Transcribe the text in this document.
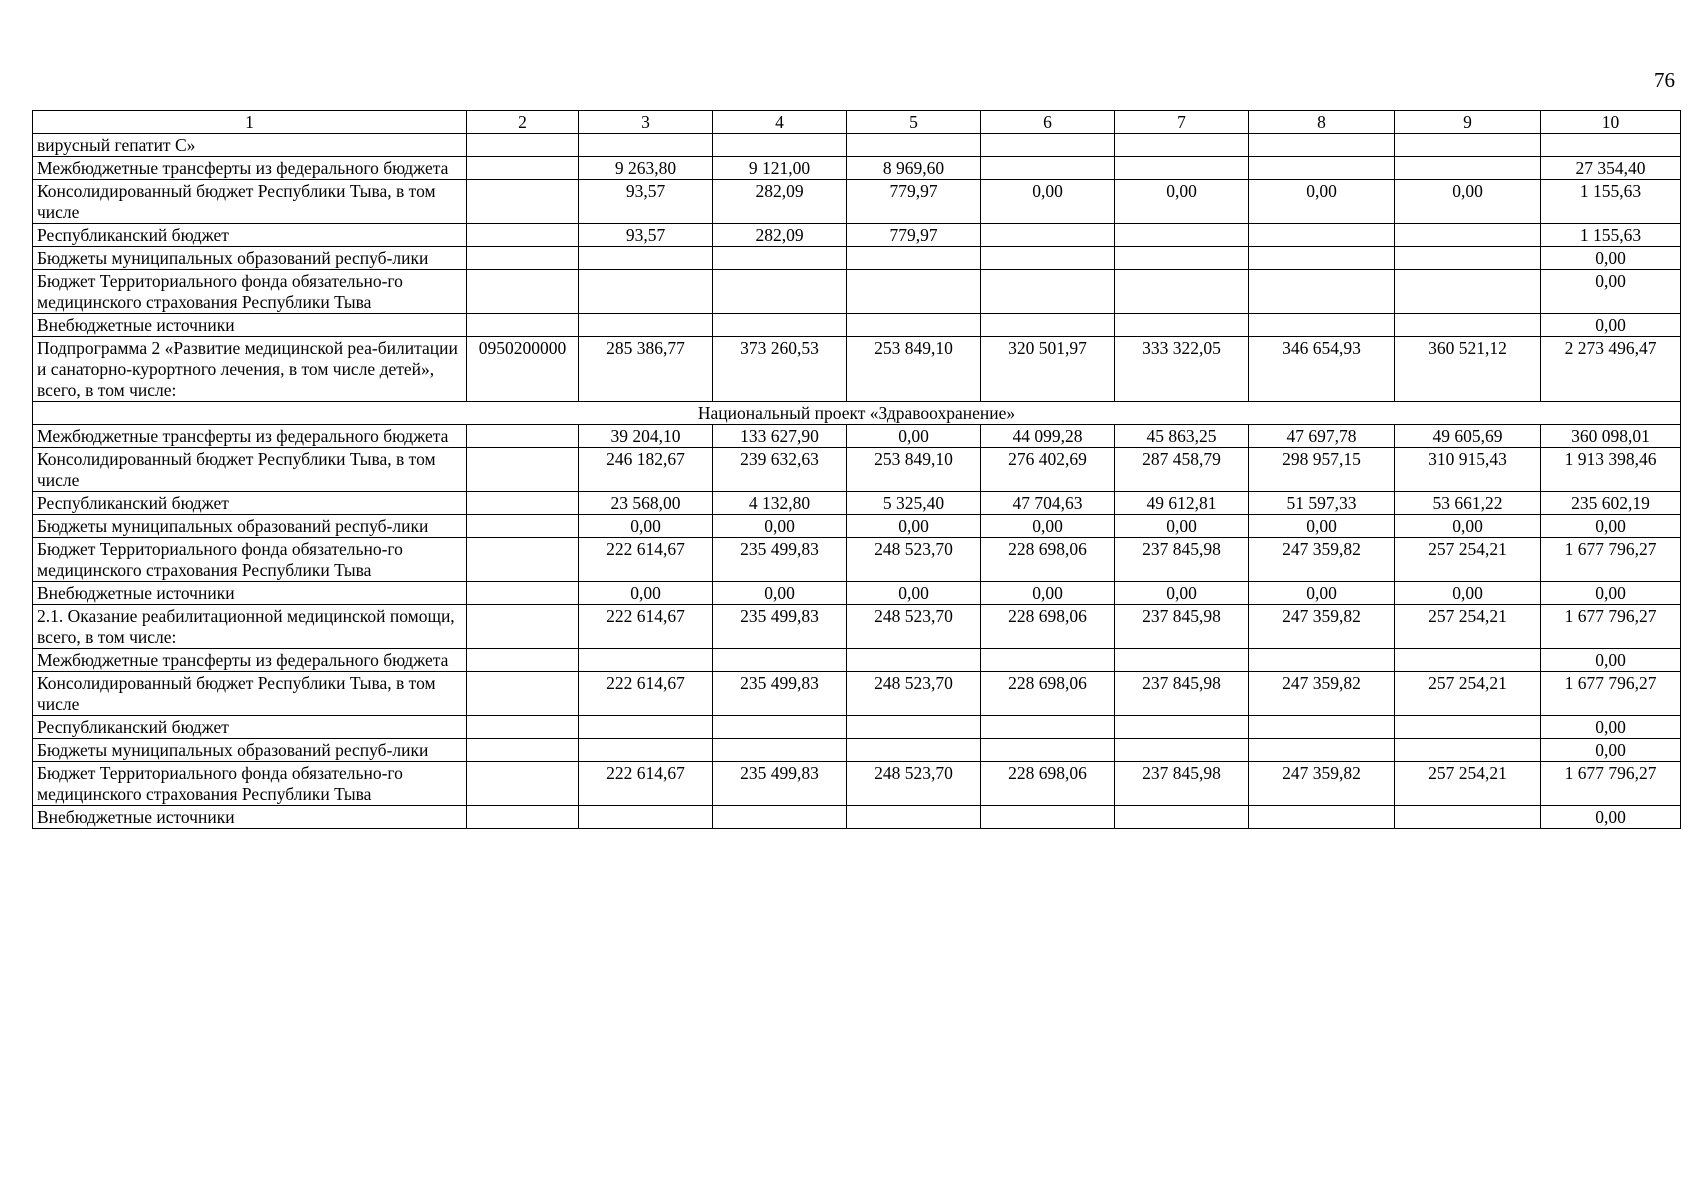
76
1	2	3	4	5	6	7	8	9	10
вирусный гепатит С»									
Межбюджетные трансферты из федерального бюджета		9 263,80	9 121,00	8 969,60					27 354,40
Консолидированный бюджет Республики Тыва, в том числе		93,57	282,09	779,97	0,00	0,00	0,00	0,00	1 155,63
Республиканский бюджет		93,57	282,09	779,97					1 155,63
Бюджеты муниципальных образований респуб-лики									0,00
Бюджет Территориального фонда обязательно-го медицинского страхования Республики Тыва									0,00
Внебюджетные источники									0,00
Подпрограмма 2 «Развитие медицинской реа-билитации и санаторно-курортного лечения, в том числе детей», всего, в том числе:	0950200000	285 386,77	373 260,53	253 849,10	320 501,97	333 322,05	346 654,93	360 521,12	2 273 496,47
Национальный проект «Здравоохранение»									
Межбюджетные трансферты из федерального бюджета		39 204,10	133 627,90	0,00	44 099,28	45 863,25	47 697,78	49 605,69	360 098,01
Консолидированный бюджет Республики Тыва, в том числе		246 182,67	239 632,63	253 849,10	276 402,69	287 458,79	298 957,15	310 915,43	1 913 398,46
Республиканский бюджет		23 568,00	4 132,80	5 325,40	47 704,63	49 612,81	51 597,33	53 661,22	235 602,19
Бюджеты муниципальных образований респуб-лики		0,00	0,00	0,00	0,00	0,00	0,00	0,00	0,00
Бюджет Территориального фонда обязательно-го медицинского страхования Республики Тыва		222 614,67	235 499,83	248 523,70	228 698,06	237 845,98	247 359,82	257 254,21	1 677 796,27
Внебюджетные источники		0,00	0,00	0,00	0,00	0,00	0,00	0,00	0,00
2.1. Оказание реабилитационной медицинской помощи, всего, в том числе:		222 614,67	235 499,83	248 523,70	228 698,06	237 845,98	247 359,82	257 254,21	1 677 796,27
Межбюджетные трансферты из федерального бюджета									0,00
Консолидированный бюджет Республики Тыва, в том числе		222 614,67	235 499,83	248 523,70	228 698,06	237 845,98	247 359,82	257 254,21	1 677 796,27
Республиканский бюджет									0,00
Бюджеты муниципальных образований респуб-лики									0,00
Бюджет Территориального фонда обязательно-го медицинского страхования Республики Тыва		222 614,67	235 499,83	248 523,70	228 698,06	237 845,98	247 359,82	257 254,21	1 677 796,27
Внебюджетные источники									0,00
